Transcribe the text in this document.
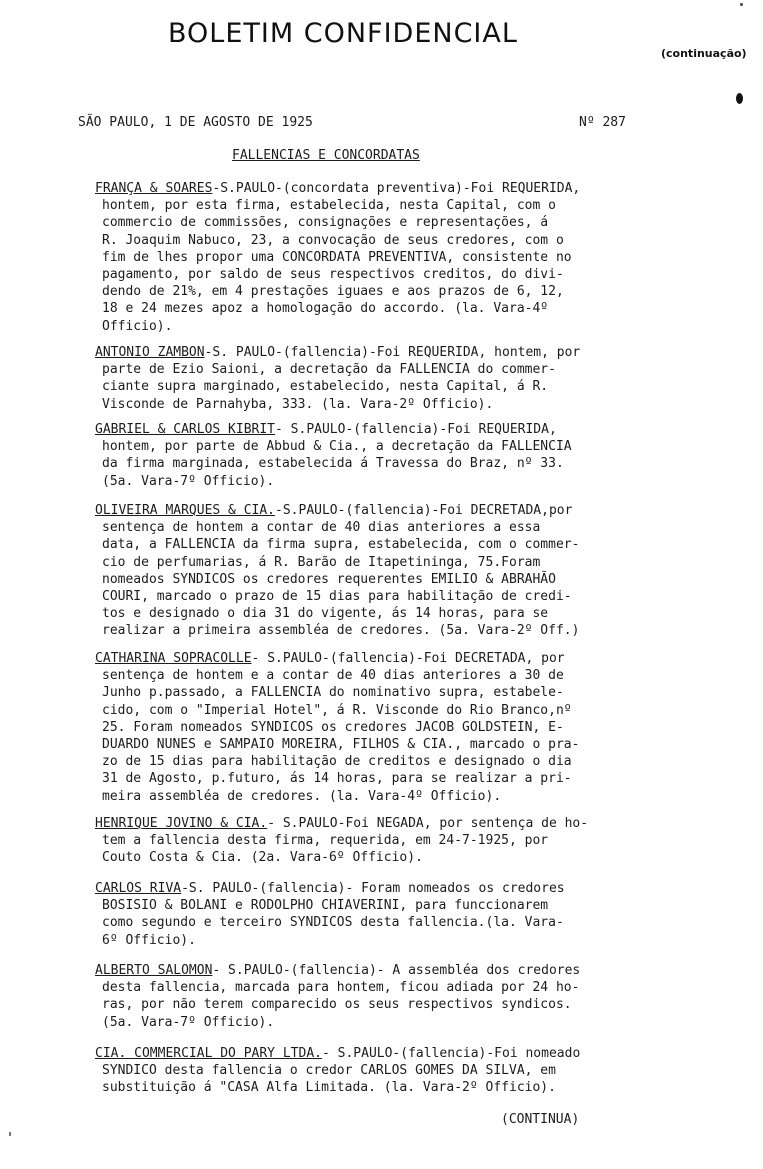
BOLETIM CONFIDENCIAL
(continuação)
SÃO PAULO, 1 DE AGOSTO DE 1925	Nº 287
FALLENCIAS E CONCORDATAS
FRANÇA & SOARES-S.PAULO-(concordata preventiva)-Foi REQUERIDA,
hontem, por esta firma, estabelecida, nesta Capital, com o
commercio de commissões, consignações e representações, á
R. Joaquim Nabuco, 23, a convocação de seus credores, com o
fim de lhes propor uma CONCORDATA PREVENTIVA, consistente no
pagamento, por saldo de seus respectivos creditos, do divi-
dendo de 21%, em 4 prestações iguaes e aos prazos de 6, 12,
18 e 24 mezes apoz a homologação do accordo. (la. Vara-4º
Officio).
ANTONIO ZAMBON-S. PAULO-(fallencia)-Foi REQUERIDA, hontem, por
parte de Ezio Saioni, a decretação da FALLENCIA do commer-
ciante supra marginado, estabelecido, nesta Capital, á R.
Visconde de Parnahyba, 333. (la. Vara-2º Officio).
GABRIEL & CARLOS KIBRIT- S.PAULO-(fallencia)-Foi REQUERIDA,
hontem, por parte de Abbud & Cia., a decretação da FALLENCIA
da firma marginada, estabelecida á Travessa do Braz, nº 33.
(5a. Vara-7º Officio).
OLIVEIRA MARQUES & CIA.-S.PAULO-(fallencia)-Foi DECRETADA,por
sentença de hontem a contar de 40 dias anteriores a essa
data, a FALLENCIA da firma supra, estabelecida, com o commer-
cio de perfumarias, á R. Barão de Itapetininga, 75.Foram
nomeados SYNDICOS os credores requerentes EMILIO & ABRAHÃO
COURI, marcado o prazo de 15 dias para habilitação de credi-
tos e designado o dia 31 do vigente, ás 14 horas, para se
realizar a primeira assembléa de credores. (5a. Vara-2º Off.)
CATHARINA SOPRACOLLE- S.PAULO-(fallencia)-Foi DECRETADA, por
sentença de hontem e a contar de 40 dias anteriores a 30 de
Junho p.passado, a FALLENCIA do nominativo supra, estabele-
cido, com o "Imperial Hotel", á R. Visconde do Rio Branco,nº
25. Foram nomeados SYNDICOS os credores JACOB GOLDSTEIN, E-
DUARDO NUNES e SAMPAIO MOREIRA, FILHOS & CIA., marcado o pra-
zo de 15 dias para habilitação de creditos e designado o dia
31 de Agosto, p.futuro, ás 14 horas, para se realizar a pri-
meira assembléa de credores. (la. Vara-4º Officio).
HENRIQUE JOVINO & CIA.- S.PAULO-Foi NEGADA, por sentença de ho-
tem a fallencia desta firma, requerida, em 24-7-1925, por
Couto Costa & Cia. (2a. Vara-6º Officio).
CARLOS RIVA-S. PAULO-(fallencia)- Foram nomeados os credores
BOSISIO & BOLANI e RODOLPHO CHIAVERINI, para funccionarem
como segundo e terceiro SYNDICOS desta fallencia.(la. Vara-
6º Officio).
ALBERTO SALOMON- S.PAULO-(fallencia)- A assembléa dos credores
desta fallencia, marcada para hontem, ficou adiada por 24 ho-
ras, por não terem comparecido os seus respectivos syndicos.
(5a. Vara-7º Officio).
CIA. COMMERCIAL DO PARY LTDA.- S.PAULO-(fallencia)-Foi nomeado
SYNDICO desta fallencia o credor CARLOS GOMES DA SILVA, em
substituição á "CASA Alfa Limitada. (la. Vara-2º Officio).
(CONTINUA)
